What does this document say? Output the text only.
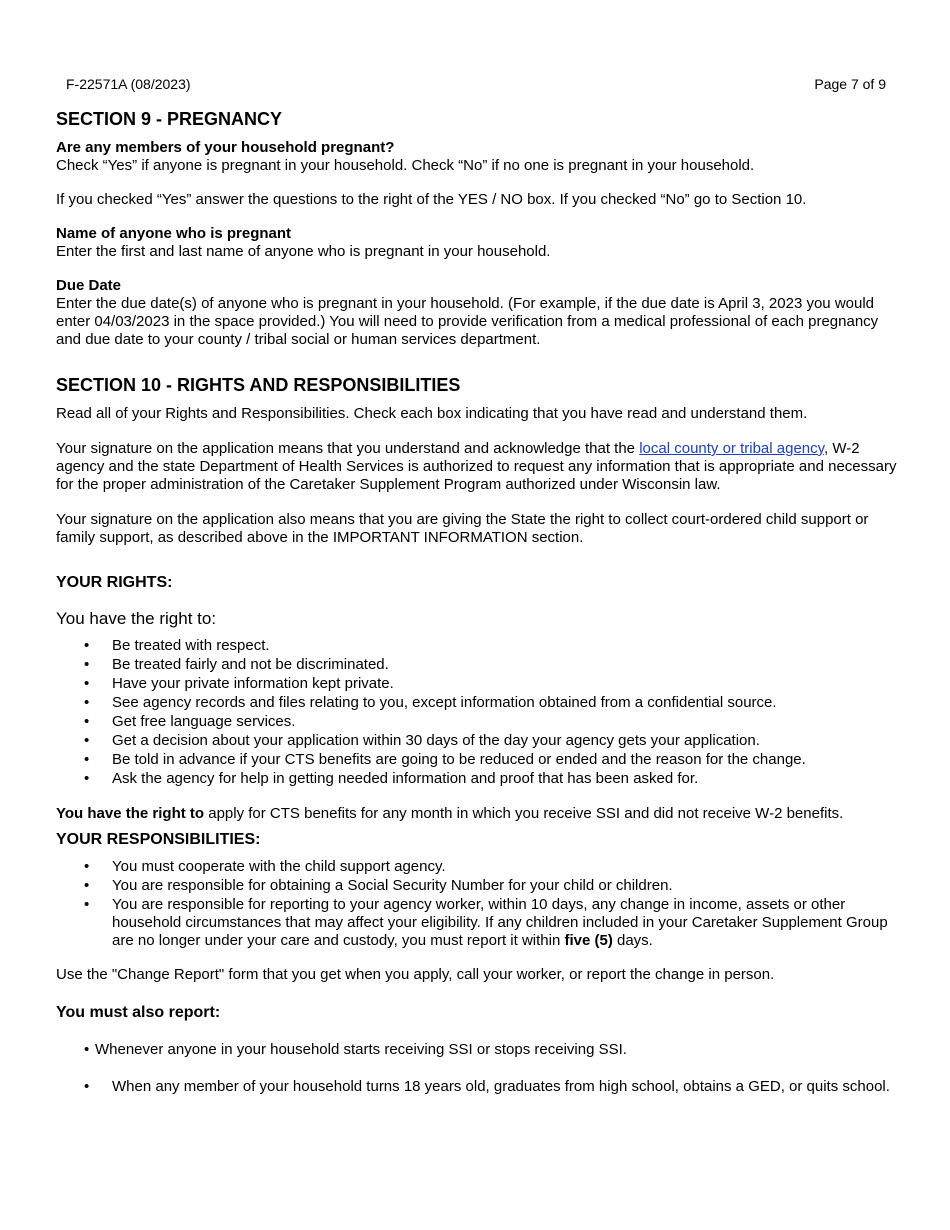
F-22571A (08/2023)	Page 7 of 9
SECTION 9 - PREGNANCY

Are any members of your household pregnant?

Check “Yes” if anyone is pregnant in your household. Check “No” if no one is pregnant in your household.

If you checked “Yes” answer the questions to the right of the YES / NO box. If you checked “No” go to Section 10.

Name of anyone who is pregnant

Enter the first and last name of anyone who is pregnant in your household.

Due Date

Enter the due date(s) of anyone who is pregnant in your household. (For example, if the due date is April 3, 2023 you would enter 04/03/2023 in the space provided.) You will need to provide verification from a medical professional of each pregnancy and due date to your county / tribal social or human services department.

SECTION 10 - RIGHTS AND RESPONSIBILITIES

Read all of your Rights and Responsibilities. Check each box indicating that you have read and understand them.

Your signature on the application means that you understand and acknowledge that the local county or tribal agency, W-2 agency and the state Department of Health Services is authorized to request any information that is appropriate and necessary for the proper administration of the Caretaker Supplement Program authorized under Wisconsin law.

Your signature on the application also means that you are giving the State the right to collect court-ordered child support or family support, as described above in the IMPORTANT INFORMATION section.

YOUR RIGHTS:

You have the right to:

• Be treated with respect.
• Be treated fairly and not be discriminated.
• Have your private information kept private.
• See agency records and files relating to you, except information obtained from a confidential source.
• Get free language services.
• Get a decision about your application within 30 days of the day your agency gets your application.
• Be told in advance if your CTS benefits are going to be reduced or ended and the reason for the change.
• Ask the agency for help in getting needed information and proof that has been asked for.

You have the right to apply for CTS benefits for any month in which you receive SSI and did not receive W-2 benefits.

YOUR RESPONSIBILITIES:
• You must cooperate with the child support agency.
• You are responsible for obtaining a Social Security Number for your child or children.
• You are responsible for reporting to your agency worker, within 10 days, any change in income, assets or other household circumstances that may affect your eligibility. If any children included in your Caretaker Supplement Group are no longer under your care and custody, you must report it within five (5) days.

Use the "Change Report" form that you get when you apply, call your worker, or report the change in person.

You must also report:

• Whenever anyone in your household starts receiving SSI or stops receiving SSI.

• When any member of your household turns 18 years old, graduates from high school, obtains a GED, or quits school.
